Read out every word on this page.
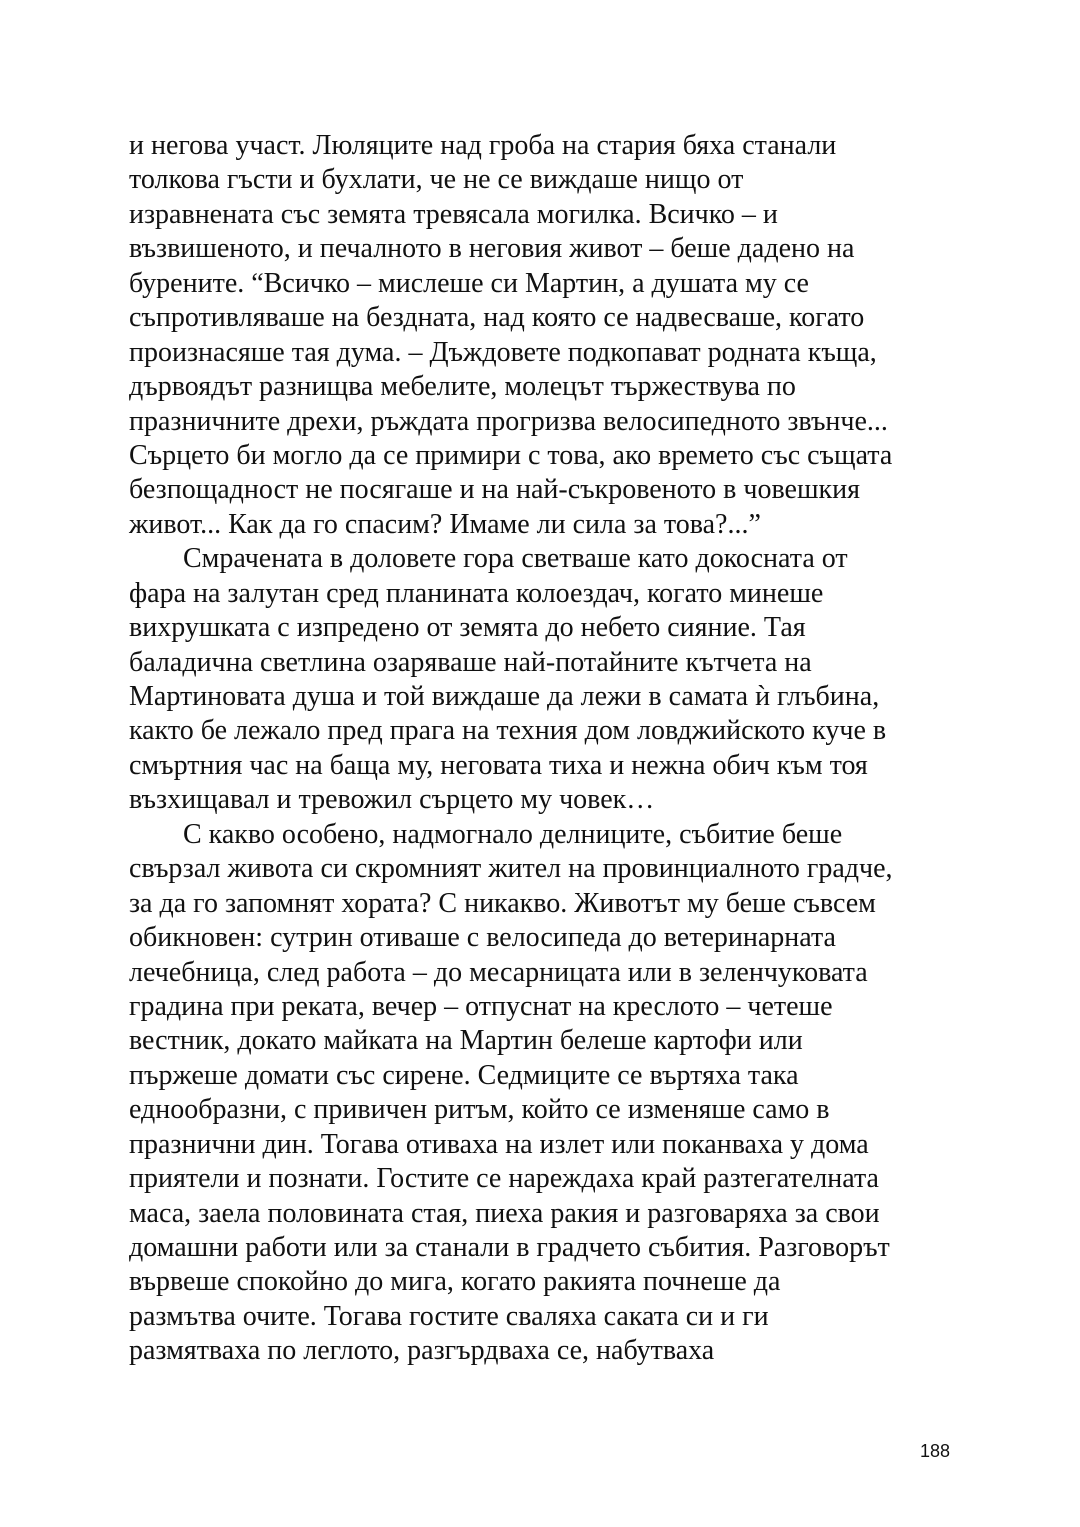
и негова участ. Люляците над гроба на стария бяха станали
толкова гъсти и бухлати, че не се виждаше нищо от
изравнената със земята тревясала могилка. Всичко – и
възвишеното, и печалното в неговия живот – беше дадено на
бурените. “Всичко – мислеше си Мартин, а душата му се
съпротивляваше на бездната, над която се надвесваше, когато
произнасяше тая дума. – Дъждовете подкопават родната къща,
дървоядът разнищва мебелите, молецът тържествува по
празничните дрехи, ръждата прогризва велосипедното звънче...
Сърцето би могло да се примири с това, ако времето със същата
безпощадност не посягаше и на най-съкровеното в човешкия
живот... Как да го спасим? Имаме ли сила за това?...”
Смрачената в доловете гора светваше като докосната от
фара на залутан сред планината колоездач, когато минеше
вихрушката с изпредено от земята до небето сияние. Тая
баладична светлина озаряваше най-потайните кътчета на
Мартиновата душа и той виждаше да лежи в самата ѝ глъбина,
както бе лежало пред прага на техния дом ловджийското куче в
смъртния час на баща му, неговата тиха и нежна обич към тоя
възхищавал и тревожил сърцето му човек…
С какво особено, надмогнало делниците, събитие беше
свързал живота си скромният жител на провинциалното градче,
за да го запомнят хората? С никакво. Животът му беше съвсем
обикновен: сутрин отиваше с велосипеда до ветеринарната
лечебница, след работа – до месарницата или в зеленчуковата
градина при реката, вечер – отпуснат на креслото – четеше
вестник, докато майката на Мартин белеше картофи или
пържеше домати със сирене. Седмиците се въртяха така
еднообразни, с привичен ритъм, който се изменяше само в
празнични дин. Тогава отиваха на излет или поканваха у дома
приятели и познати. Гостите се нареждаха край разтегателната
маса, заела половината стая, пиеха ракия и разговаряха за свои
домашни работи или за станали в градчето събития. Разговорът
вървеше спокойно до мига, когато ракията почнеше да
размътва очите. Тогава гостите сваляха саката си и ги
размятваха по леглото, разгърдваха се, набутваха
188
